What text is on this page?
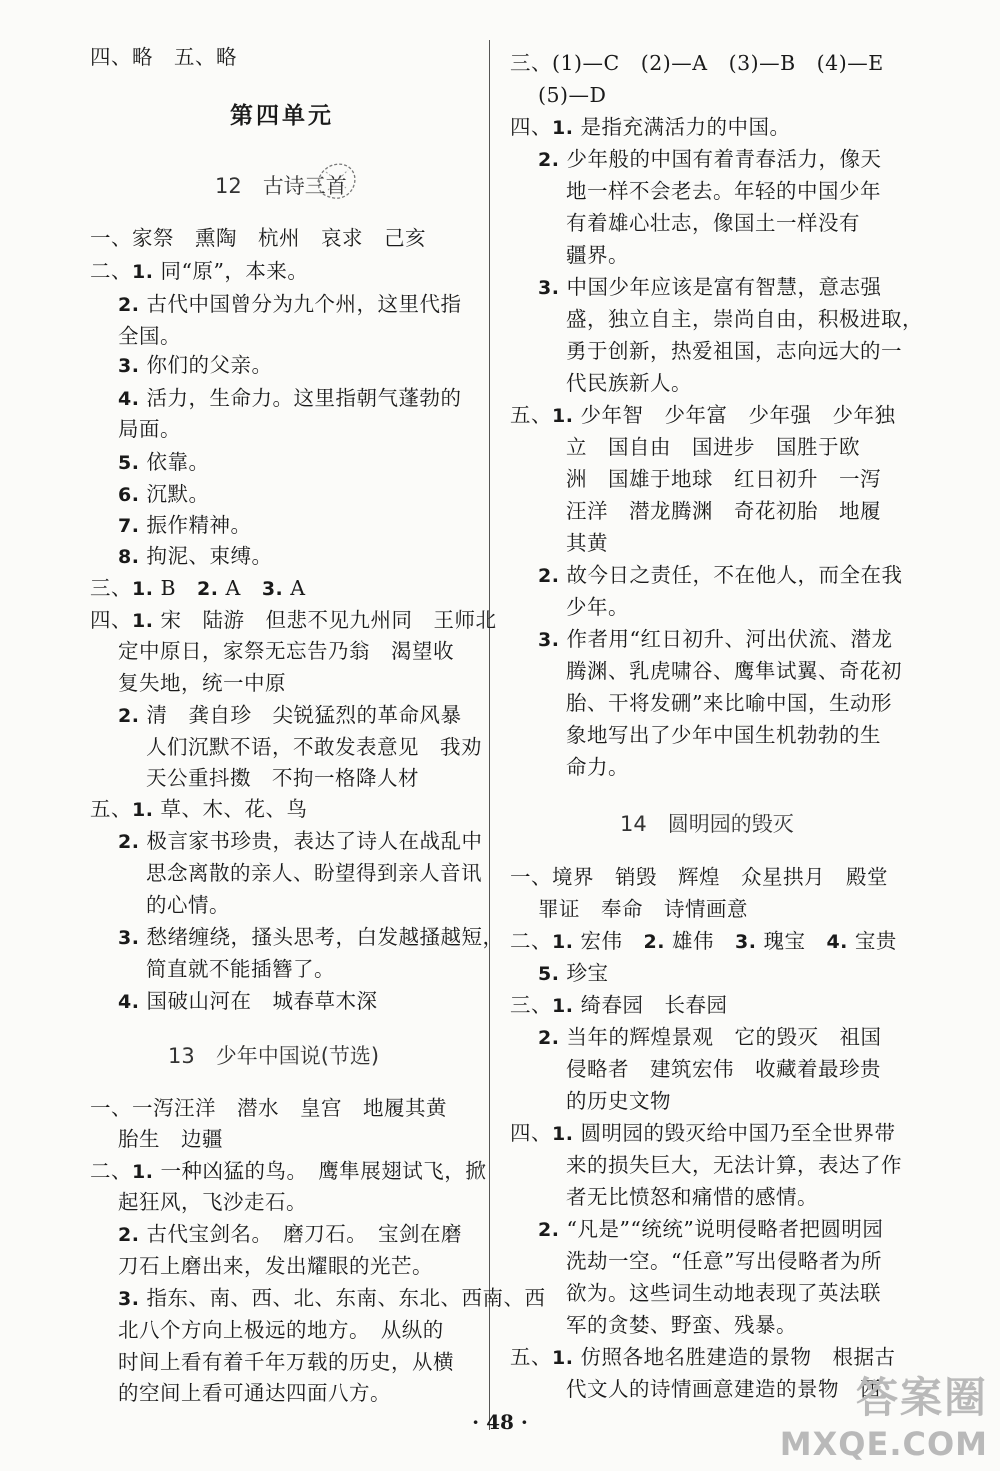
四、略　五、略
第四单元
12　古诗三首
一、家祭　熏陶　杭州　哀求　己亥
二、1. 同“原”，本来。
2. 古代中国曾分为九个州，这里代指
全国。
3. 你们的父亲。
4. 活力，生命力。这里指朝气蓬勃的
局面。
5. 依靠。
6. 沉默。
7. 振作精神。
8. 拘泥、束缚。
三、1. B　2. A　3. A
四、1. 宋　陆游　但悲不见九州同　王师北
定中原日，家祭无忘告乃翁　渴望收
复失地，统一中原
2. 清　龚自珍　尖锐猛烈的革命风暴
人们沉默不语，不敢发表意见　我劝
天公重抖擞　不拘一格降人材
五、1. 草、木、花、鸟
2. 极言家书珍贵，表达了诗人在战乱中
思念离散的亲人、盼望得到亲人音讯
的心情。
3. 愁绪缠绕，搔头思考，白发越搔越短，
简直就不能插簪了。
4. 国破山河在　城春草木深
13　少年中国说(节选)
一、一泻汪洋　潜水　皇宫　地履其黄
胎生　边疆
二、1. 一种凶猛的鸟。　鹰隼展翅试飞，掀
起狂风，飞沙走石。
2. 古代宝剑名。　磨刀石。　宝剑在磨
刀石上磨出来，发出耀眼的光芒。
3. 指东、南、西、北、东南、东北、西南、西
北八个方向上极远的地方。　从纵的
时间上看有着千年万载的历史，从横
的空间上看可通达四面八方。
三、(1)—C　(2)—A　(3)—B　(4)—E
(5)—D
四、1. 是指充满活力的中国。
2. 少年般的中国有着青春活力，像天
地一样不会老去。年轻的中国少年
有着雄心壮志，像国土一样没有
疆界。
3. 中国少年应该是富有智慧，意志强
盛，独立自主，崇尚自由，积极进取，
勇于创新，热爱祖国，志向远大的一
代民族新人。
五、1. 少年智　少年富　少年强　少年独
立　国自由　国进步　国胜于欧
洲　国雄于地球　红日初升　一泻
汪洋　潜龙腾渊　奇花初胎　地履
其黄
2. 故今日之责任，不在他人，而全在我
少年。
3. 作者用“红日初升、河出伏流、潜龙
腾渊、乳虎啸谷、鹰隼试翼、奇花初
胎、干将发硎”来比喻中国，生动形
象地写出了少年中国生机勃勃的生
命力。
14　圆明园的毁灭
一、境界　销毁　辉煌　众星拱月　殿堂
罪证　奉命　诗情画意
二、1. 宏伟　2. 雄伟　3. 瑰宝　4. 宝贵
5. 珍宝
三、1. 绮春园　长春园
2. 当年的辉煌景观　它的毁灭　祖国
侵略者　建筑宏伟　收藏着最珍贵
的历史文物
四、1. 圆明园的毁灭给中国乃至全世界带
来的损失巨大，无法计算，表达了作
者无比愤怒和痛惜的感情。
2. “凡是”“统统”说明侵略者把圆明园
洗劫一空。“任意”写出侵略者为所
欲为。这些词生动地表现了英法联
军的贪婪、野蛮、残暴。
五、1. 仿照各地名胜建造的景物　根据古
代文人的诗情画意建造的景物　西
· 48 ·	答案圈
MXQE.COM
